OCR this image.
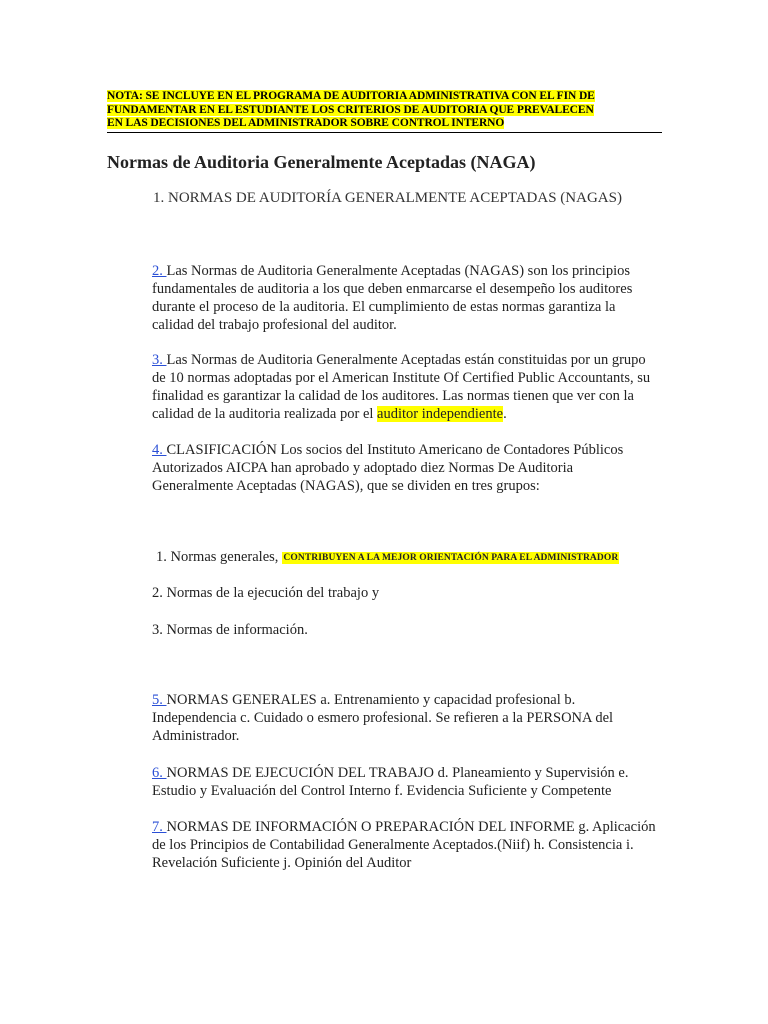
NOTA: SE INCLUYE EN EL PROGRAMA DE AUDITORIA ADMINISTRATIVA CON EL FIN DE
FUNDAMENTAR EN EL ESTUDIANTE LOS CRITERIOS DE AUDITORIA QUE PREVALECEN
EN LAS DECISIONES DEL ADMINISTRADOR SOBRE CONTROL INTERNO
Normas de Auditoria Generalmente Aceptadas (NAGA)
1. NORMAS DE AUDITORÍA GENERALMENTE ACEPTADAS (NAGAS)
2. Las Normas de Auditoria Generalmente Aceptadas (NAGAS) son los principios fundamentales de auditoria a los que deben enmarcarse el desempeño los auditores durante el proceso de la auditoria. El cumplimiento de estas normas garantiza la calidad del trabajo profesional del auditor.
3. Las Normas de Auditoria Generalmente Aceptadas están constituidas por un grupo de 10 normas adoptadas por el American Institute Of Certified Public Accountants, su finalidad es garantizar la calidad de los auditores. Las normas tienen que ver con la calidad de la auditoria realizada por el auditor independiente.
4. CLASIFICACIÓN Los socios del Instituto Americano de Contadores Públicos Autorizados AICPA han aprobado y adoptado diez Normas De Auditoria Generalmente Aceptadas (NAGAS), que se dividen en tres grupos:
1. Normas generales, CONTRIBUYEN A LA MEJOR ORIENTACIÓN PARA EL ADMINISTRADOR
2. Normas de la ejecución del trabajo y
3. Normas de información.
5. NORMAS GENERALES a. Entrenamiento y capacidad profesional b. Independencia c. Cuidado o esmero profesional. Se refieren a la PERSONA del Administrador.
6. NORMAS DE EJECUCIÓN DEL TRABAJO d. Planeamiento y Supervisión e. Estudio y Evaluación del Control Interno f. Evidencia Suficiente y Competente
7. NORMAS DE INFORMACIÓN O PREPARACIÓN DEL INFORME g. Aplicación de los Principios de Contabilidad Generalmente Aceptados.(Niif) h. Consistencia i. Revelación Suficiente j. Opinión del Auditor
